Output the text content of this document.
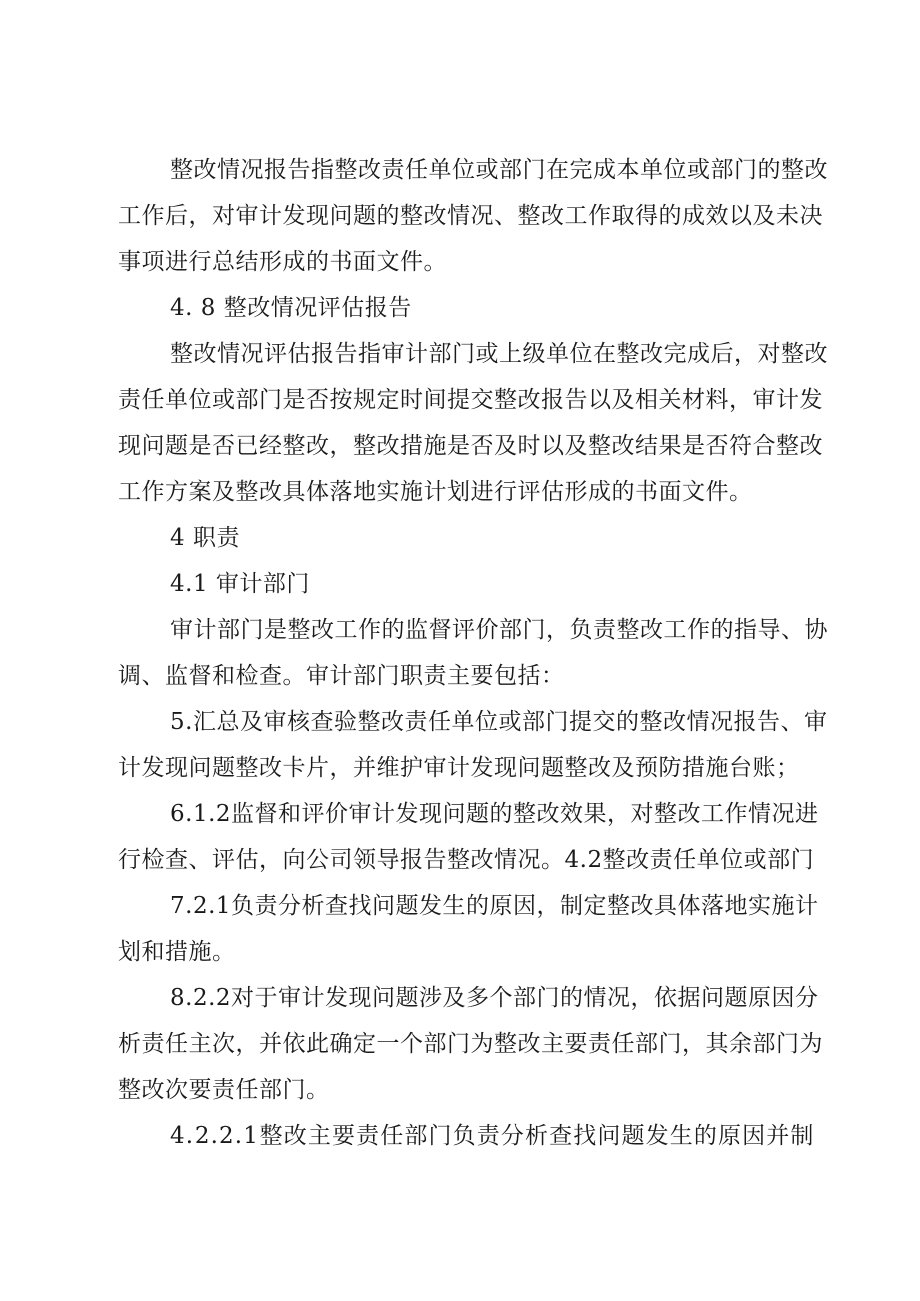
整 改 情 况 报 告 指 整 改 责 任 单 位 或 部 门 在 完 成 本 单 位 或 部 门 的 整 改
工 作 后 ， 对 审 计 发 现 问 题 的 整 改 情 况 、 整 改 工 作 取 得 的 成 效 以 及 未 决
事项进行总结形成的书面文件。
4. 8 整改情况评估报告
整 改 情 况 评 估 报 告 指 审 计 部 门 或 上 级 单 位 在 整 改 完 成 后 ， 对 整 改
责 任 单 位 或 部 门 是 否 按 规 定 时 间 提 交 整 改 报 告 以 及 相 关 材 料 ， 审 计 发
现 问 题 是 否 已 经 整 改 ， 整 改 措 施 是 否 及 时 以 及 整 改 结 果 是 否 符 合 整 改
工作方案及整改具体落地实施计划进行评估形成的书面文件。
4 职责
4.1 审计部门
审 计 部 门 是 整 改 工 作 的 监 督 评 价 部 门 ， 负 责 整 改 工 作 的 指 导 、 协
调、监督和检查。审计部门职责主要包括：
5 . 汇 总 及 审 核 查 验 整 改 责 任 单 位 或 部 门 提 交 的 整 改 情 况 报 告 、 审
计发现问题整改卡片，并维护审计发现问题整改及预防措施台账；
6 . 1 . 2 监 督 和 评 价 审 计 发 现 问 题 的 整 改 效 果 ， 对 整 改 工 作 情 况 进
行 检 查 、 评 估 ， 向 公 司 领 导 报 告 整 改 情 况 。 4 . 2 整 改 责 任 单 位 或 部 门
7 . 2 . 1 负 责 分 析 查 找 问 题 发 生 的 原 因 ， 制 定 整 改 具 体 落 地 实 施 计
划和措施。
8 . 2 . 2 对 于 审 计 发 现 问 题 涉 及 多 个 部 门 的 情 况 ， 依 据 问 题 原 因 分
析 责 任 主 次 ， 并 依 此 确 定 一 个 部 门 为 整 改 主 要 责 任 部 门 ， 其 余 部 门 为
整改次要责任部门。
4 . 2 . 2 . 1 整 改 主 要 责 任 部 门 负 责 分 析 查 找 问 题 发 生 的 原 因 并 制
